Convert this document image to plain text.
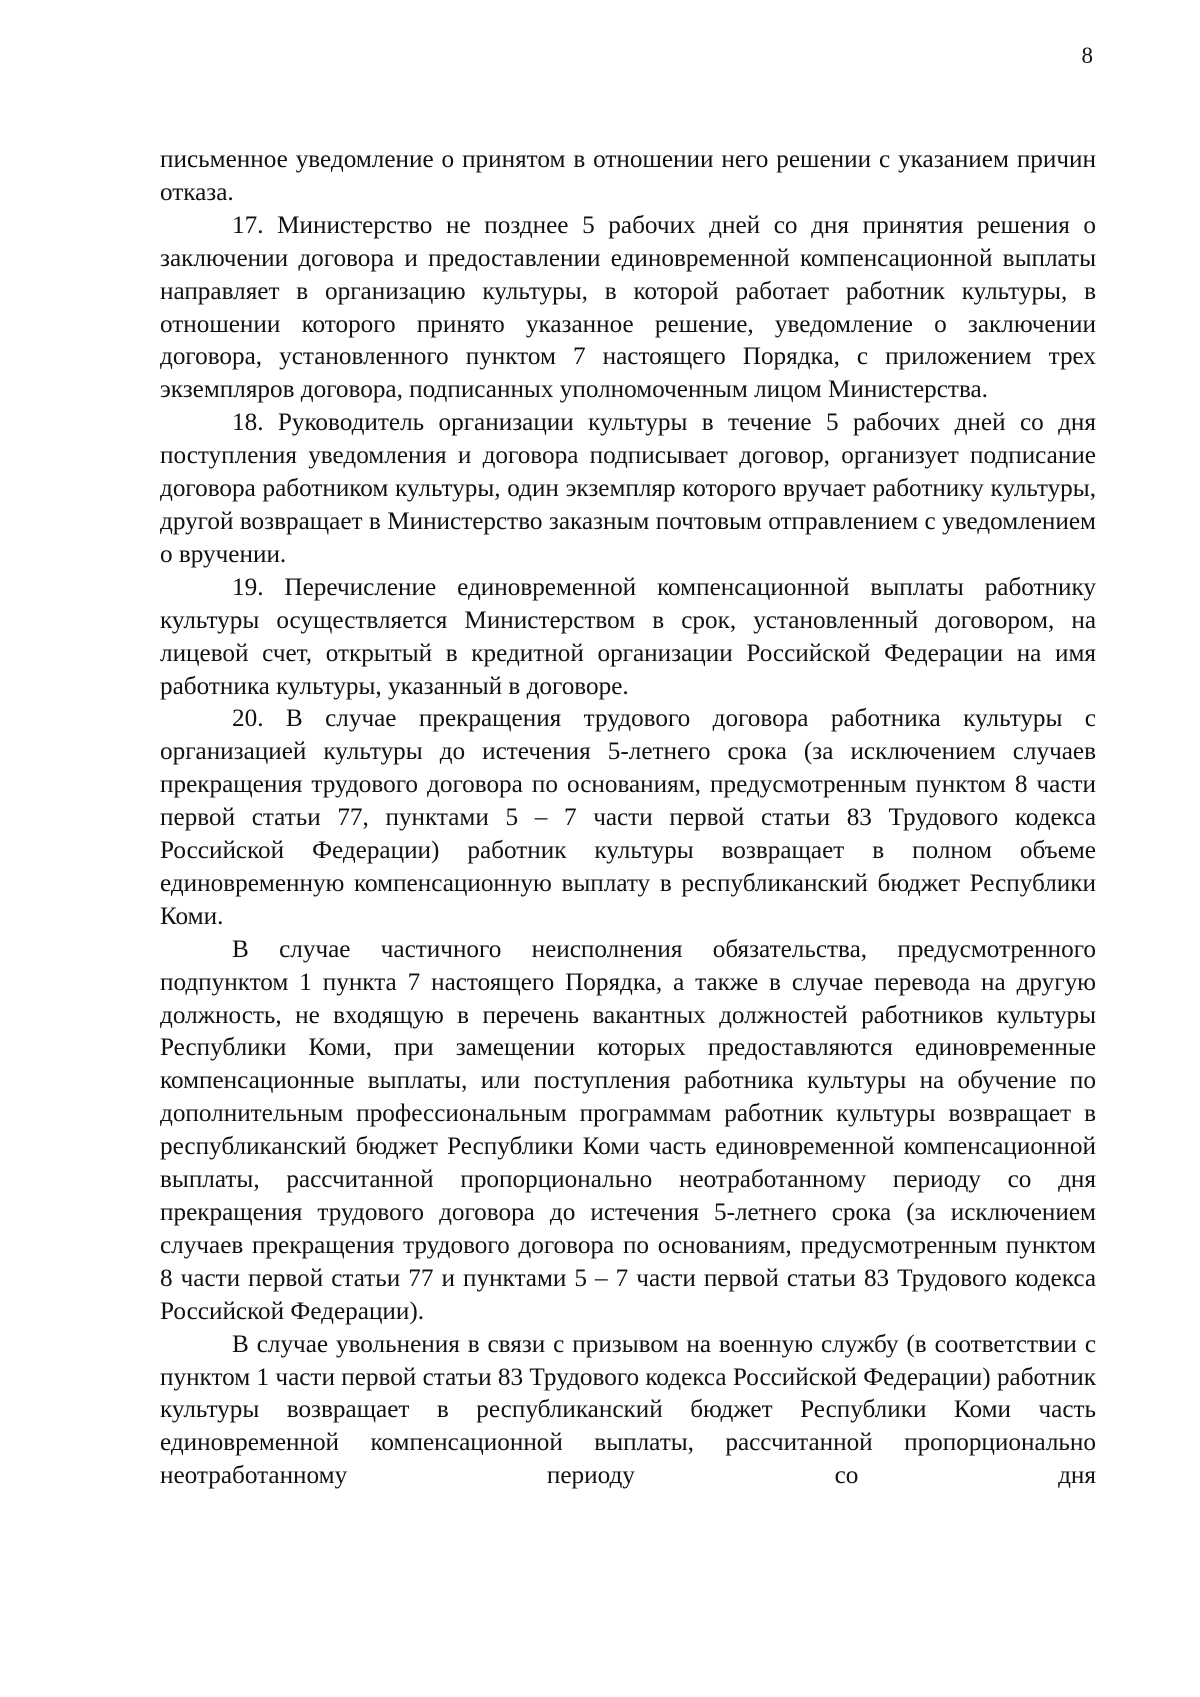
8

письменное уведомление о принятом в отношении него решении с указанием причин отказа.

17. Министерство не позднее 5 рабочих дней со дня принятия решения о заключении договора и предоставлении единовременной компенсационной выплаты направляет в организацию культуры, в которой работает работник культуры, в отношении которого принято указанное решение, уведомление о заключении договора, установленного пунктом 7 настоящего Порядка, с приложением трех экземпляров договора, подписанных уполномоченным лицом Министерства.

18. Руководитель организации культуры в течение 5 рабочих дней со дня поступления уведомления и договора подписывает договор, организует подписание договора работником культуры, один экземпляр которого вручает работнику культуры, другой возвращает в Министерство заказным почтовым отправлением с уведомлением о вручении.

19. Перечисление единовременной компенсационной выплаты работнику культуры осуществляется Министерством в срок, установленный договором, на лицевой счет, открытый в кредитной организации Российской Федерации на имя работника культуры, указанный в договоре.

20. В случае прекращения трудового договора работника культуры с организацией культуры до истечения 5-летнего срока (за исключением случаев прекращения трудового договора по основаниям, предусмотренным пунктом 8 части первой статьи 77, пунктами 5 – 7 части первой статьи 83 Трудового кодекса Российской Федерации) работник культуры возвращает в полном объеме единовременную компенсационную выплату в республиканский бюджет Республики Коми.

В случае частичного неисполнения обязательства, предусмотренного подпунктом 1 пункта 7 настоящего Порядка, а также в случае перевода на другую должность, не входящую в перечень вакантных должностей работников культуры Республики Коми, при замещении которых предоставляются единовременные компенсационные выплаты, или поступления работника культуры на обучение по дополнительным профессиональным программам работник культуры возвращает в республиканский бюджет Республики Коми часть единовременной компенсационной выплаты, рассчитанной пропорционально неотработанному периоду со дня прекращения трудового договора до истечения 5-летнего срока (за исключением случаев прекращения трудового договора по основаниям, предусмотренным пунктом 8 части первой статьи 77 и пунктами 5 – 7 части первой статьи 83 Трудового кодекса Российской Федерации).

В случае увольнения в связи с призывом на военную службу (в соответствии с пунктом 1 части первой статьи 83 Трудового кодекса Российской Федерации) работник культуры возвращает в республиканский бюджет Республики Коми часть единовременной компенсационной выплаты, рассчитанной пропорционально неотработанному периоду со дня
